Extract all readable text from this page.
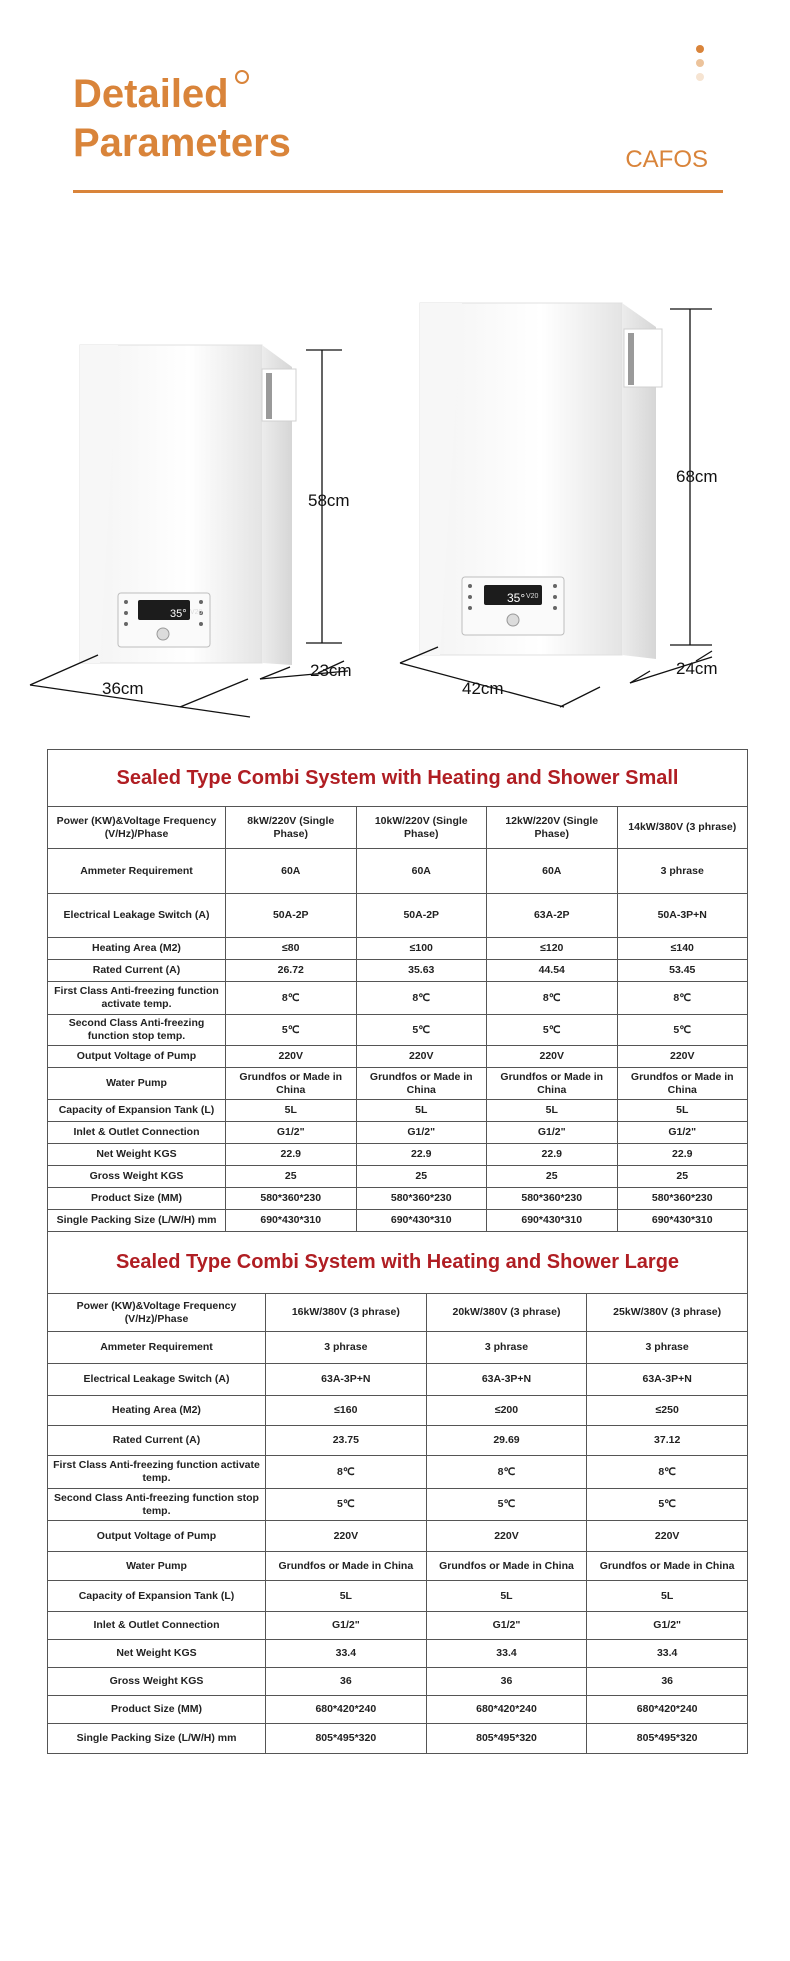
Detailed
Parameters	CAFOS
35° V20
35° V20
58cm
36cm
23cm
68cm
42cm
24cm
Sealed Type Combi System with Heating and Shower Small				
Power (KW)&Voltage Frequency (V/Hz)/Phase	8kW/220V (Single Phase)	10kW/220V (Single Phase)	12kW/220V (Single Phase)	14kW/380V (3 phrase)
Ammeter Requirement	60A	60A	60A	3 phrase
Electrical Leakage Switch (A)	50A-2P	50A-2P	63A-2P	50A-3P+N
Heating Area (M2)	≤80	≤100	≤120	≤140
Rated Current (A)	26.72	35.63	44.54	53.45
First Class Anti-freezing function activate temp.	8℃	8℃	8℃	8℃
Second Class Anti-freezing function stop temp.	5℃	5℃	5℃	5℃
Output Voltage of Pump	220V	220V	220V	220V
Water Pump	Grundfos or Made in China	Grundfos or Made in China	Grundfos or Made in China	Grundfos or Made in China
Capacity of Expansion Tank (L)	5L	5L	5L	5L
Inlet & Outlet Connection	G1/2"	G1/2"	G1/2"	G1/2"
Net Weight KGS	22.9	22.9	22.9	22.9
Gross Weight KGS	25	25	25	25
Product Size (MM)	580*360*230	580*360*230	580*360*230	580*360*230
Single Packing Size (L/W/H) mm	690*430*310	690*430*310	690*430*310	690*430*310
Sealed Type Combi System with Heating and Shower Large			
Power (KW)&Voltage Frequency (V/Hz)/Phase	16kW/380V (3 phrase)	20kW/380V (3 phrase)	25kW/380V (3 phrase)
Ammeter Requirement	3 phrase	3 phrase	3 phrase
Electrical Leakage Switch (A)	63A-3P+N	63A-3P+N	63A-3P+N
Heating Area (M2)	≤160	≤200	≤250
Rated Current (A)	23.75	29.69	37.12
First Class Anti-freezing function activate temp.	8℃	8℃	8℃
Second Class Anti-freezing function stop temp.	5℃	5℃	5℃
Output Voltage of Pump	220V	220V	220V
Water Pump	Grundfos or Made in China	Grundfos or Made in China	Grundfos or Made in China
Capacity of Expansion Tank (L)	5L	5L	5L
Inlet & Outlet Connection	G1/2"	G1/2"	G1/2"
Net Weight KGS	33.4	33.4	33.4
Gross Weight KGS	36	36	36
Product Size (MM)	680*420*240	680*420*240	680*420*240
Single Packing Size (L/W/H) mm	805*495*320	805*495*320	805*495*320
